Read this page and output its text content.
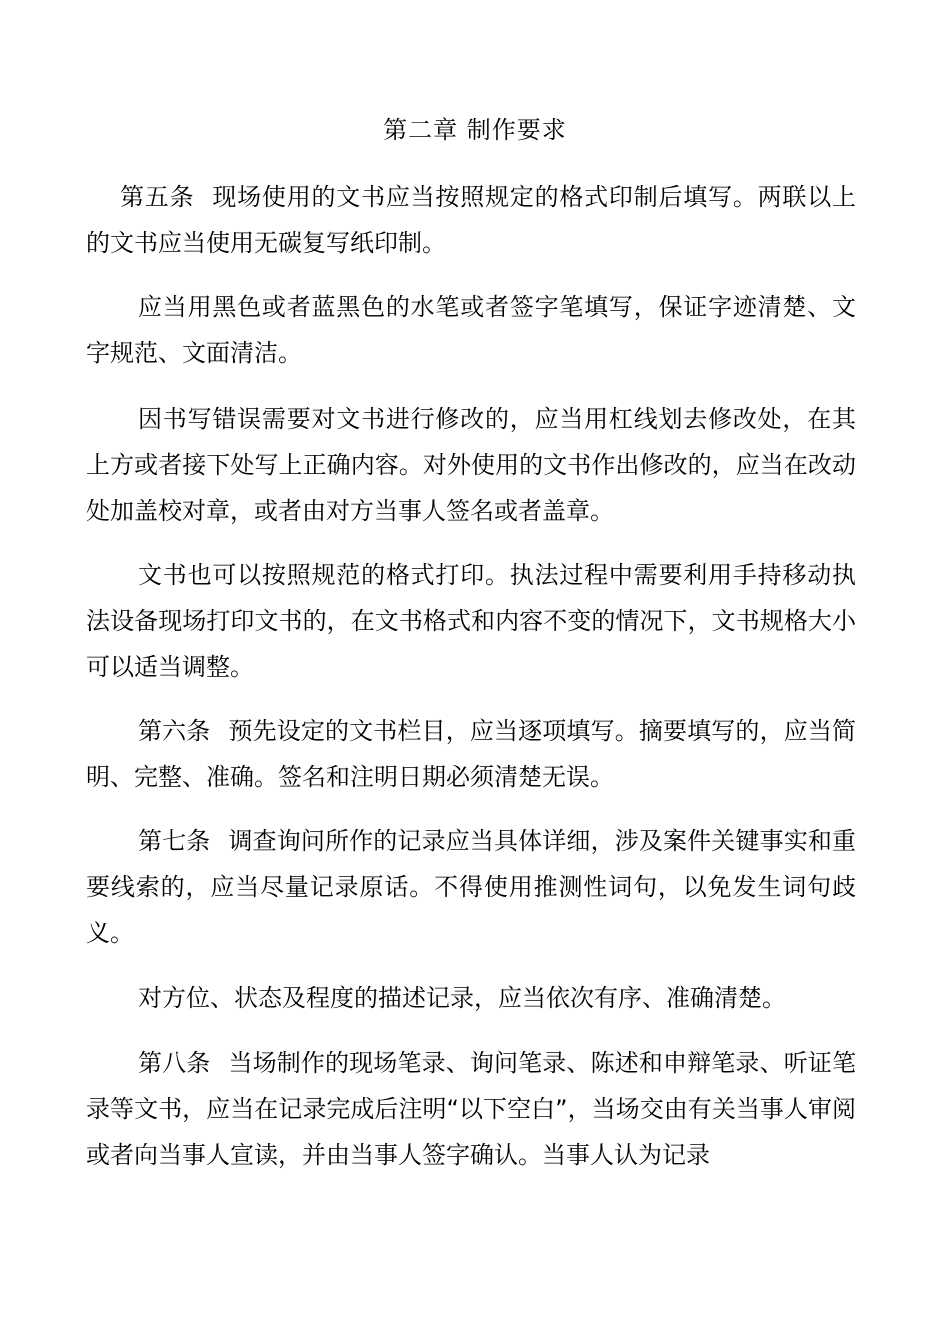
第二章 制作要求

第五条 现场使用的文书应当按照规定的格式印制后填写。两联以上的文书应当使用无碳复写纸印制。

应当用黑色或者蓝黑色的水笔或者签字笔填写，保证字迹清楚、文字规范、文面清洁。

因书写错误需要对文书进行修改的，应当用杠线划去修改处，在其上方或者接下处写上正确内容。对外使用的文书作出修改的，应当在改动处加盖校对章，或者由对方当事人签名或者盖章。

文书也可以按照规范的格式打印。执法过程中需要利用手持移动执法设备现场打印文书的，在文书格式和内容不变的情况下，文书规格大小可以适当调整。

第六条 预先设定的文书栏目，应当逐项填写。摘要填写的，应当简明、完整、准确。签名和注明日期必须清楚无误。

第七条 调查询问所作的记录应当具体详细，涉及案件关键事实和重要线索的，应当尽量记录原话。不得使用推测性词句，以免发生词句歧义。

对方位、状态及程度的描述记录，应当依次有序、准确清楚。

第八条 当场制作的现场笔录、询问笔录、陈述和申辩笔录、听证笔录等文书，应当在记录完成后注明“以下空白”，当场交由有关当事人审阅或者向当事人宣读，并由当事人签字确认。当事人认为记录
